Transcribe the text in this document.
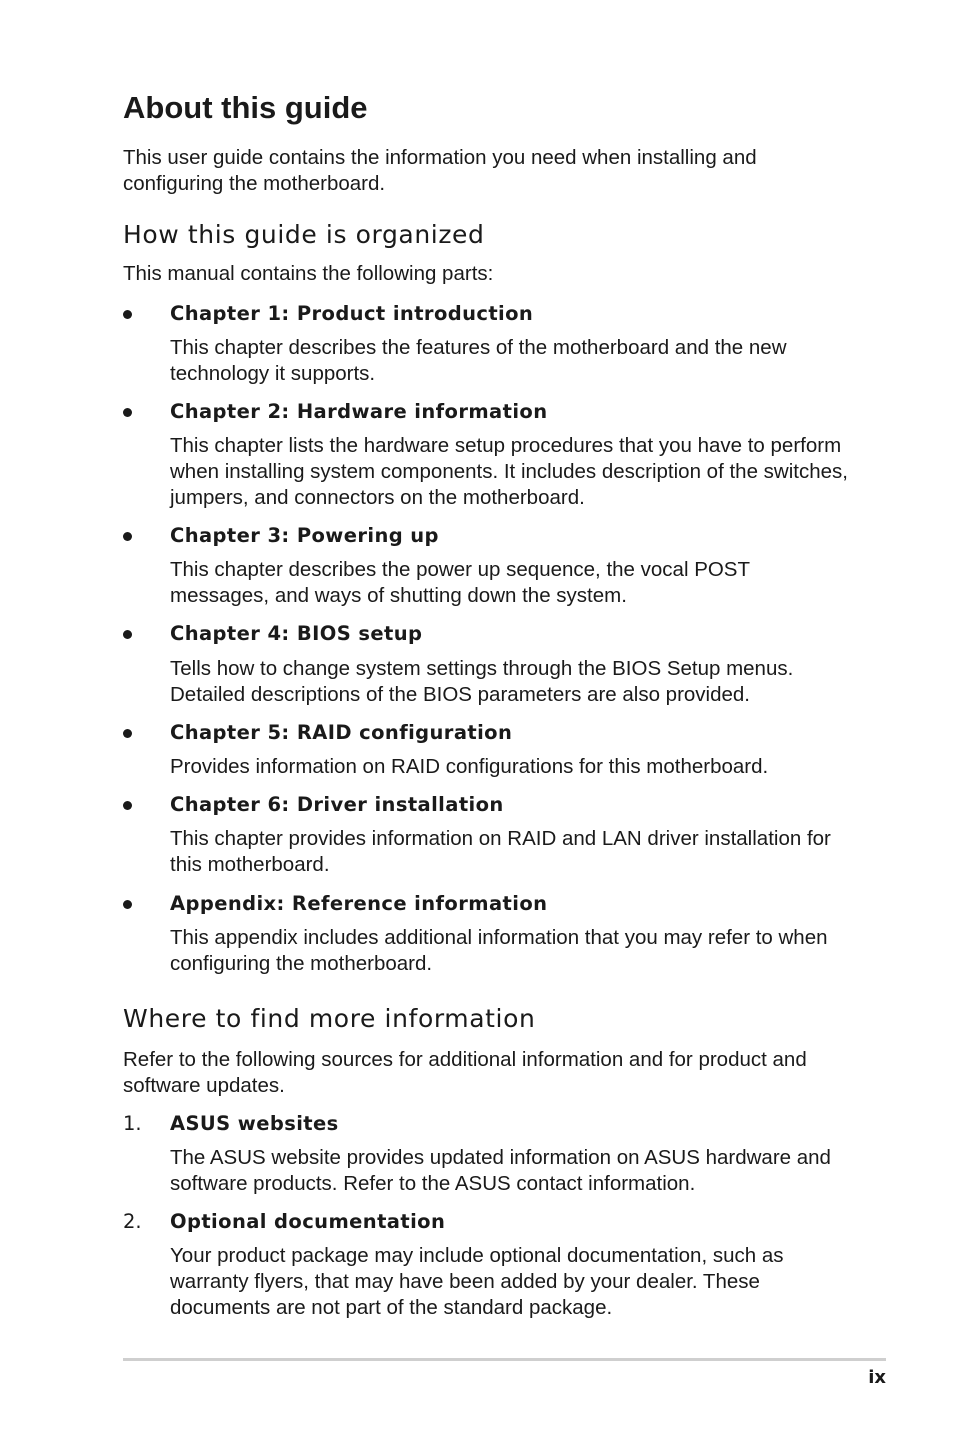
About this guide

This user guide contains the information you need when installing and configuring the motherboard.

How this guide is organized

This manual contains the following parts:

Chapter 1: Product introduction

This chapter describes the features of the motherboard and the new technology it supports.

Chapter 2: Hardware information

This chapter lists the hardware setup procedures that you have to perform when installing system components. It includes description of the switches, jumpers, and connectors on the motherboard.

Chapter 3: Powering up

This chapter describes the power up sequence, the vocal POST messages, and ways of shutting down the system.

Chapter 4: BIOS setup

Tells how to change system settings through the BIOS Setup menus. Detailed descriptions of the BIOS parameters are also provided.

Chapter 5: RAID configuration

Provides information on RAID configurations for this motherboard.

Chapter 6: Driver installation

This chapter provides information on RAID and LAN driver installation for this motherboard.

Appendix: Reference information

This appendix includes additional information that you may refer to when configuring the motherboard.

Where to find more information

Refer to the following sources for additional information and for product and software updates.

1. ASUS websites

The ASUS website provides updated information on ASUS hardware and software products. Refer to the ASUS contact information.

2. Optional documentation

Your product package may include optional documentation, such as warranty flyers, that may have been added by your dealer. These documents are not part of the standard package.

ix
